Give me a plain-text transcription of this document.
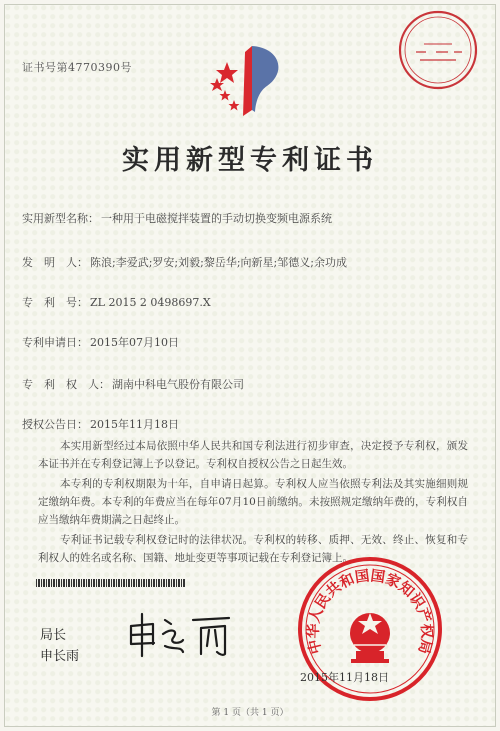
证书号第4770390号
实用新型专利证书
实用新型名称： 一种用于电磁搅拌装置的手动切换变频电源系统
发　明　人： 陈浪;李爱武;罗安;刘毅;黎岳华;向新星;邹德义;余功成
专　利　号： ZL 2015 2 0498697.X
专利申请日： 2015年07月10日
专　利　权　人： 湖南中科电气股份有限公司
授权公告日： 2015年11月18日

本实用新型经过本局依照中华人民共和国专利法进行初步审查，决定授予专利权，颁发本证书并在专利登记簿上予以登记。专利权自授权公告之日起生效。

本专利的专利权期限为十年，自申请日起算。专利权人应当依照专利法及其实施细则规定缴纳年费。本专利的年费应当在每年07月10日前缴纳。未按照规定缴纳年费的，专利权自应当缴纳年费期满之日起终止。

专利证书记载专利权登记时的法律状况。专利权的转移、质押、无效、终止、恢复和专利权人的姓名或名称、国籍、地址变更等事项记载在专利登记簿上。

局长
申长雨
中华人民共和国国家知识产权局
2015年11月18日
第 1 页（共 1 页）
